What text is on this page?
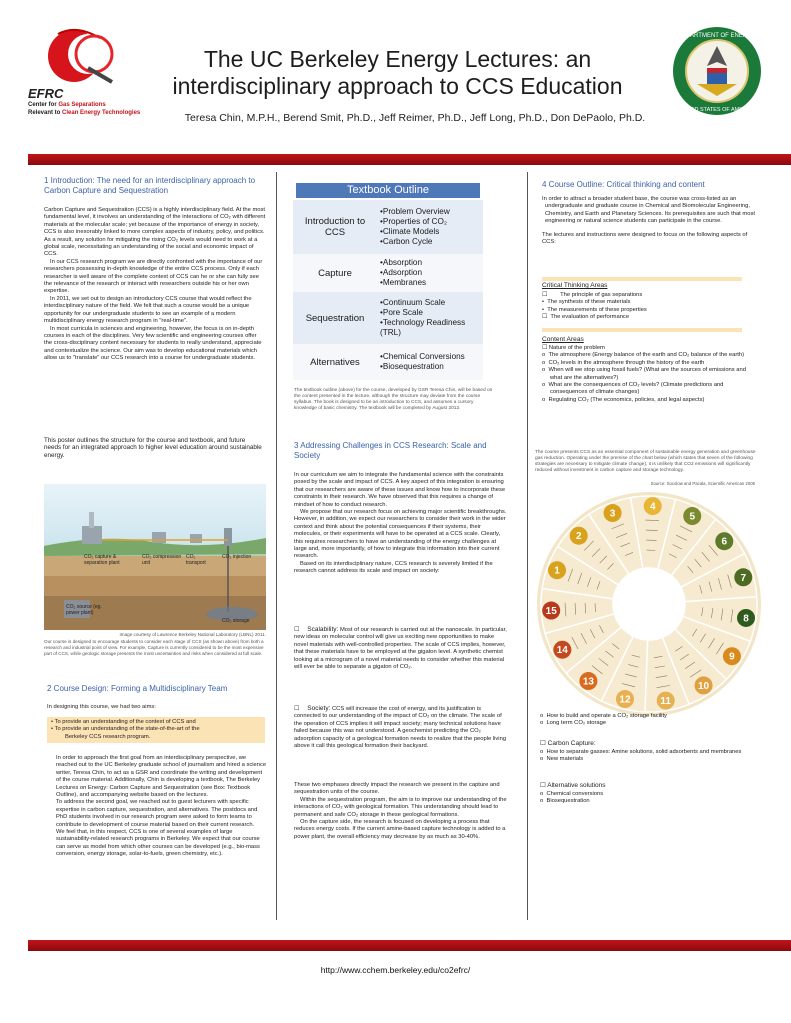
EFRC
Center for Gas Separations
Relevant to Clean Energy Technologies
The UC Berkeley Energy Lectures: an
interdisciplinary approach to CCS Education
Teresa Chin, M.P.H., Berend Smit, Ph.D., Jeff Reimer, Ph.D., Jeff Long, Ph.D., Don DePaolo, Ph.D.
DEPARTMENT OF ENERGY
UNITED STATES OF AMERICA
1 Introduction: The need for an interdisciplinary approach to Carbon Capture and Sequestration

Carbon Capture and Sequestration (CCS) is a highly interdisciplinary field. At the most fundamental level, it involves an understanding of the interactions of CO₂ with different materials at the molecular scale; yet because of the importance of energy in society, CCS is also inexorably linked to more complex aspects of industry, policy, and politics. As a result, any solution for mitigating the rising CO₂ levels would need to work at a global scale, necessitating an understanding of the social and economic impact of CCS.

In our CCS research program we are directly confronted with the importance of our researchers possessing in-depth knowledge of the entire CCS process. Only if each researcher is well aware of the complete context of CCS can he or she can fully see the relevance of the research or interact with researchers outside his or her own expertise.

In 2011, we set out to design an introductory CCS course that would reflect the interdisciplinary nature of the field. We felt that such a course would be a unique opportunity for our undergraduate students to see an example of a modern multidisciplinary energy research program in "real-time".

In most curricula in sciences and engineering, however, the focus is on in-depth courses in each of the disciplines. Very few scientific and engineering courses offer the cross-disciplinary content necessary for students to really understand, appreciate and contextualize the science. Our aim was to develop educational materials which allow us to "translate" our CCS research into a course for undergraduate students.

This poster outlines the structure for the course and textbook, and future needs for an integrated approach to higher level education around sustainable energy.
CO₂ capture & separation plant
CO₂ compression unit
CO₂ transport
CO₂ injection
CO₂ source (eg. power plant)
CO₂ storage
Image courtesy of Lawrence Berkeley National Laboratory (LBNL) 2011.
Our course is designed to encourage students to consider each stage of CCS (as shown above) from both a research and industrial point of view. For example, Capture is currently considered to be the most expensive part of CCS, while geologic storage presents the most uncertainties and risks when considered at full scale.
2 Course Design: Forming a Multidisciplinary Team
In designing this course, we had two aims:
• To provide an understanding of the context of CCS and
• To provide an understanding of the state-of-the-art of the
Berkeley CCS research program.

In order to approach the first goal from an interdisciplinary perspective, we reached out to the UC Berkeley graduate school of journalism and hired a science writer, Teresa Chin, to act as a GSR and coordinate the writing and development of the course material. Additionally, Chin is developing a textbook, The Berkeley Lectures on Energy: Carbon Capture and Sequestration (see Box: Textbook Outline), and accompanying website based on the lectures.

To address the second goal, we reached out to guest lecturers with specific expertise in carbon capture, sequestration, and alternatives. The postdocs and PhD students involved in our research program were asked to form teams to contribute to development of course material based on their current research.

We feel that, in this respect, CCS is one of several examples of large sustainability-related research programs in Berkeley. We expect that our course can serve as model from which other courses can be developed (e.g., bio-mass conversion, energy storage, solar-to-fuels, green chemistry, etc.).

Textbook Outline
Introduction to CCS	•Problem Overview
•Properties of CO₂
•Climate Models
•Carbon Cycle

Capture	•Absorption
•Adsorption
•Membranes

Sequestration	•Continuum Scale
•Pore Scale
•Technology Readiness
(TRL)

Alternatives	•Chemical Conversions
•Biosequestration
The textbook outline (above) for the course, developed by GSR Teresa Chin, will be based on the content presented in the lecture, although the structure may deviate from the course syllabus. The book is designed to be an introduction to CCS, and assumes a cursory knowledge of basic chemistry. The textbook will be completed by August 2012.
3 Addressing Challenges in CCS Research: Scale and Society

In our curriculum we aim to integrate the fundamental science with the constraints posed by the scale and impact of CCS. A key aspect of this integration is ensuring that our researchers are aware of these issues and know how to incorporate these constraints in their research. We have observed that this requires a change of mindset of how to conduct research.

We propose that our research focus on achieving major scientific breakthroughs. However, in addition, we expect our researchers to consider their work in the wider context and think about the potential consequences if their systems, their molecules, or their experiments will have to be operated at a CCS scale. Clearly, this requires researchers to have an understanding of the energy challenges at large and, more importantly, of how to integrate this information into their current research.

Based on its interdisciplinary nature, CCS research is severely limited if the research cannot address its scale and impact on society:

☐     Scalability: Most of our research is carried out at the nanoscale. In particular, new ideas on molecular control will give us exciting new opportunities to make novel materials with well-controlled properties. The scale of CCS implies, however, that these materials have to be employed at the gigaton level. A synthetic chemist looking at a microgram of a novel material needs to consider whether this material will ever be able to separate a gigaton of CO₂.
☐     Society: CCS will increase the cost of energy, and its justification is connected to our understanding of the impact of CO₂ on the climate. The scale of the operation of CCS implies it will impact society; many technical solutions have failed because this was not understood. A geochemist predicting the CO₂ adsorption capacity of a geological formation needs to realize that the people living above it call this geological formation their backyard.

These two emphases directly impact the research we present in the capture and sequestration units of the course.

Within the sequestration program, the aim is to improve our understanding of the interactions of CO₂ with geological formation. This understanding should lead to permanent and safe CO₂ storage in these geological formations.

On the capture side, the research is focused on developing a process that reduces energy costs. If the current amine-based capture technology is added to a power plant, the overall efficiency may decrease by as much as 30-40%.

4 Course Outline: Critical thinking and content

In order to attract a broader student base, the course was cross-listed as an undergraduate and graduate course in Chemical and Biomolecular Engineering, Chemistry, and Earth and Planetary Sciences. Its prerequisites are such that most engineering or natural science students can participate in the course.

The lectures and instructions were designed to focus on the following aspects of CCS:

Critical Thinking Areas
☐        The principle of gas separations
•  The synthesis of these materials
•  The measurements of these properties
☐  The evaluation of performance
Content Areas
☐ Nature of the problem
o  The atmosphere (Energy balance of the earth and CO₂ balance of the earth)
o  CO₂ levels in the atmosphere through the history of the earth
o  When will we stop using fossil fuels? (What are the sources of emissions and what are the alternatives?)
o  What are the consequences of CO₂ levels? (Climate predictions and consequences of climate changes)
o  Regulating CO₂ (The economics, policies, and legal aspects)
The course presents CCS as an essential component of sustainable energy generation and greenhouse gas reduction. Operating under the premise of the chart below (which states that seven of the following strategies are necessary to mitigate climate change), it is unlikely that CO2 emissions will significantly reduced without investment in carbon capture and storage technology.
Source: Socolow and Pacala, Scientific American 2006
1
2
3
4
5
6
7
8
9
10
11
12
13
14
15
o  How to build and operate a CO₂ storage facility
o  Long term CO₂ storage
☐ Carbon Capture:
o  How to separate gasses: Amine solutions, solid adsorbents and membranes
o  New materials
☐ Alternative solutions
o  Chemical conversions
o  Biosequestration
http://www.cchem.berkeley.edu/co2efrc/
